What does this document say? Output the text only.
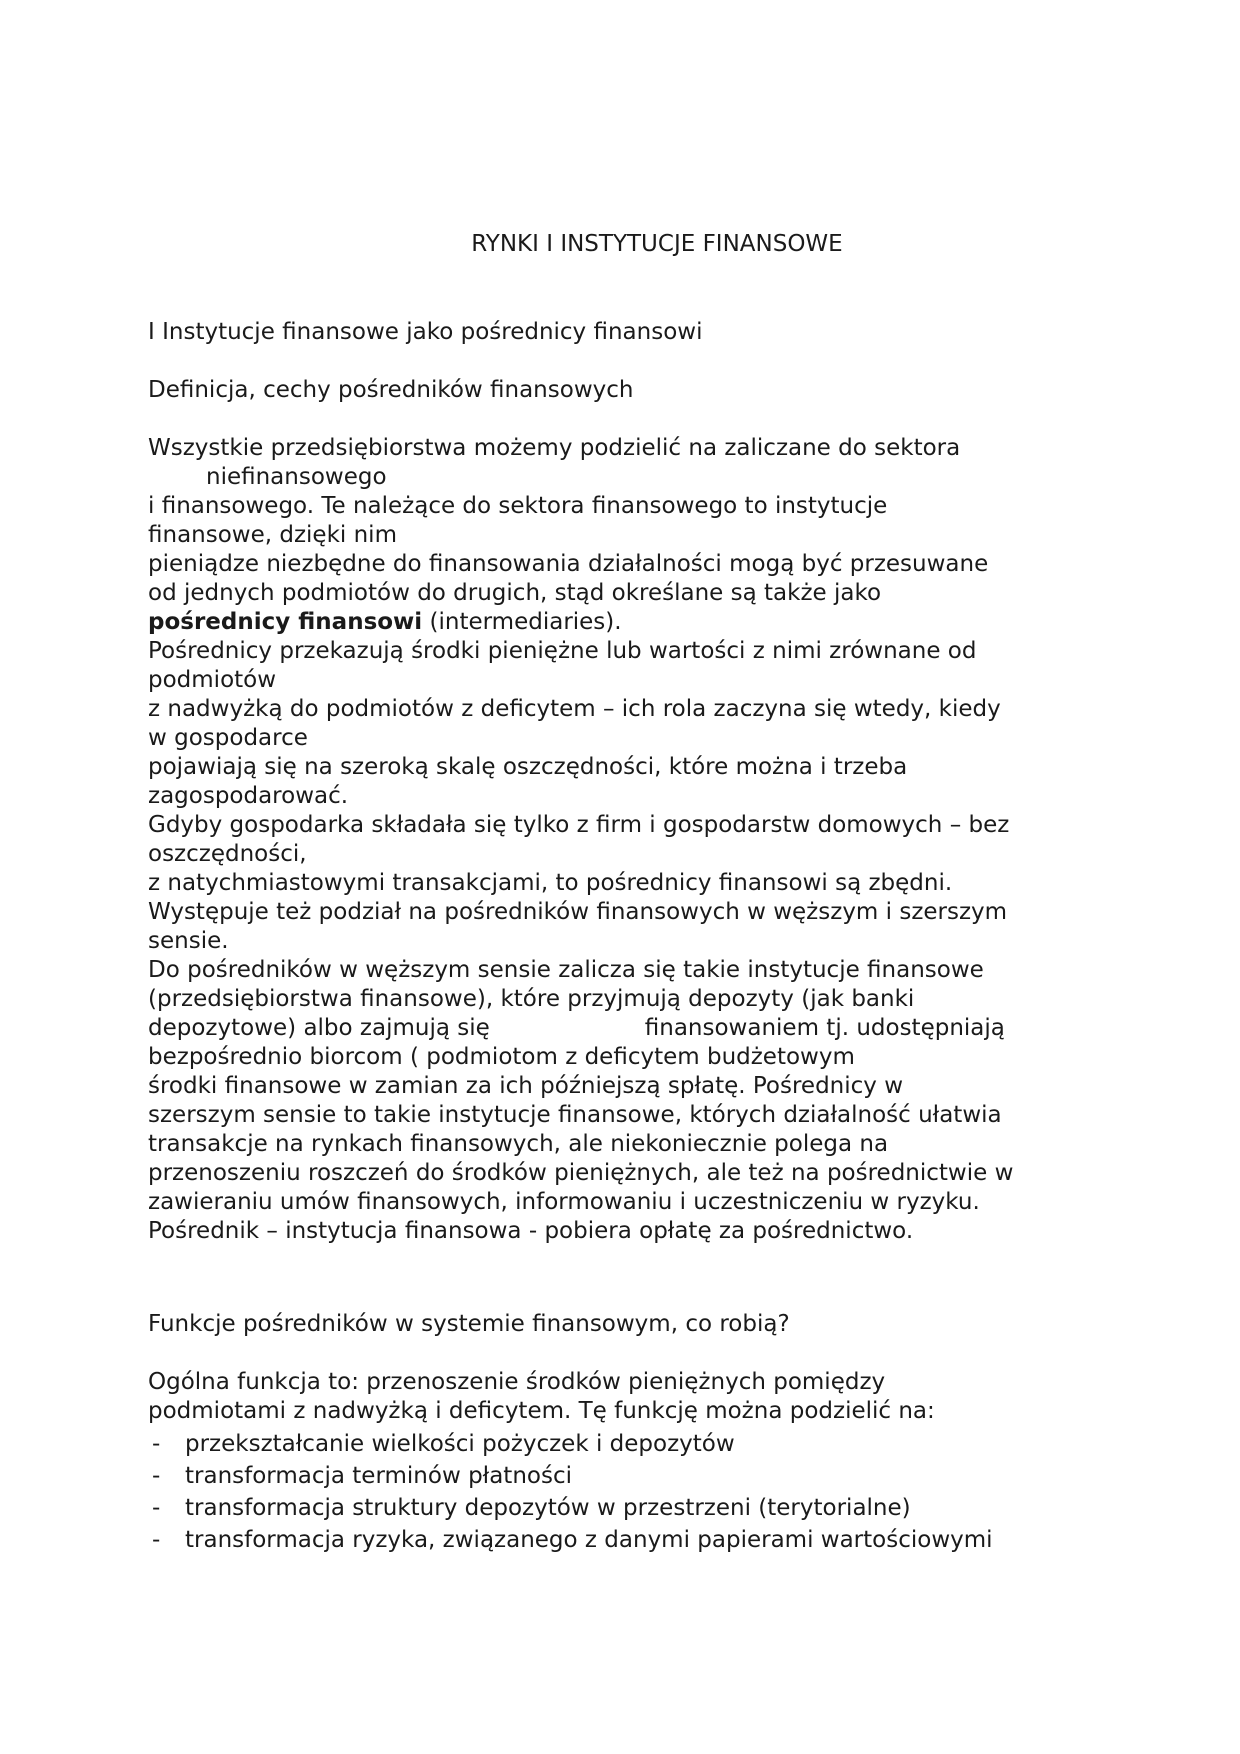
RYNKI I INSTYTUCJE FINANSOWE
I Instytucje finansowe jako pośrednicy finansowi
Definicja, cechy pośredników finansowych
Wszystkie przedsiębiorstwa możemy podzielić na zaliczane do sektora
niefinansowego
i finansowego. Te należące do sektora finansowego to instytucje
finansowe, dzięki nim
pieniądze niezbędne do finansowania działalności mogą być przesuwane
od jednych podmiotów do drugich, stąd określane są także jako
pośrednicy finansowi (intermediaries).
Pośrednicy przekazują środki pieniężne lub wartości z nimi zrównane od
podmiotów
z nadwyżką do podmiotów z deficytem – ich rola zaczyna się wtedy, kiedy
w gospodarce
pojawiają się na szeroką skalę oszczędności, które można i trzeba
zagospodarować.
Gdyby gospodarka składała się tylko z firm i gospodarstw domowych – bez
oszczędności,
z natychmiastowymi transakcjami, to pośrednicy finansowi są zbędni.
Występuje też podział na pośredników finansowych w węższym i szerszym
sensie.
Do pośredników w węższym sensie zalicza się takie instytucje finansowe
(przedsiębiorstwa finansowe), które przyjmują depozyty (jak banki
depozytowe) albo zajmują się	finansowaniem tj. udostępniają
bezpośrednio biorcom ( podmiotom z deficytem budżetowym
środki finansowe w zamian za ich późniejszą spłatę. Pośrednicy w
szerszym sensie to takie instytucje finansowe, których działalność ułatwia
transakcje na rynkach finansowych, ale niekoniecznie polega na
przenoszeniu roszczeń do środków pieniężnych, ale też na pośrednictwie w
zawieraniu umów finansowych, informowaniu i uczestniczeniu w ryzyku.
Pośrednik – instytucja finansowa - pobiera opłatę za pośrednictwo.
Funkcje pośredników w systemie finansowym, co robią?
Ogólna funkcja to: przenoszenie środków pieniężnych pomiędzy
podmiotami z nadwyżką i deficytem. Tę funkcję można podzielić na:
- przekształcanie wielkości pożyczek i depozytów
- transformacja terminów płatności
- transformacja struktury depozytów w przestrzeni (terytorialne)
- transformacja ryzyka, związanego z danymi papierami wartościowymi
